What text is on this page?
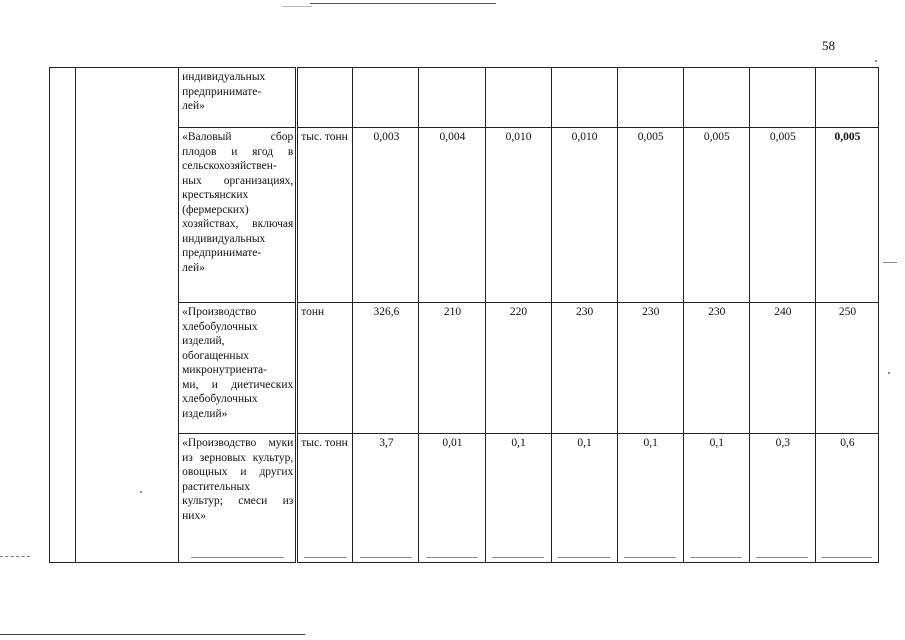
58

		индивидуальных предпринимате-
лей»									

		«Валовый сбор плодов и ягод в сельскохозяйствен-
ных организациях, крестьянских (фермерских) хозяйствах, включая индивидуальных предпринимате-
лей»	тыс. тонн	0,003	0,004	0,010	0,010	0,005	0,005	0,005	0,005

		«Производство хлебобулочных изделий, обогащенных микронутриента-
ми, и диетических хлебобулочных изделий»	тонн	326,6	210	220	230	230	230	240	250

		«Производство муки из зерновых культур, овощных и других растительных культур; смеси из них»	тыс. тонн	3,7	0,01	0,1	0,1	0,1	0,1	0,3	0,6
